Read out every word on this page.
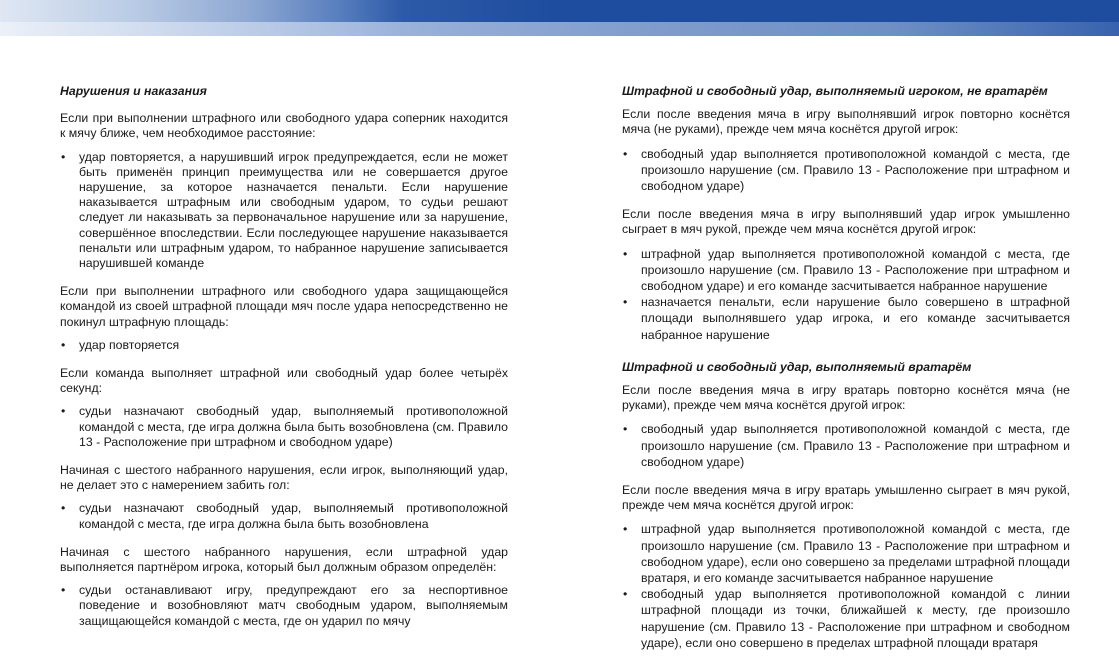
Нарушения и наказания
Если при выполнении штрафного или свободного удара соперник находится к мячу ближе, чем необходимое расстояние:
• удар повторяется, а нарушивший игрок предупреждается, если не может быть применён принцип преимущества или не совершается другое нарушение, за которое назначается пенальти. Если нарушение наказывается штрафным или свободным ударом, то судьи решают следует ли наказывать за первоначальное нарушение или за нарушение, совершённое впоследствии. Если последующее нарушение наказывается пенальти или штрафным ударом, то набранное нарушение записывается нарушившей команде
Если при выполнении штрафного или свободного удара защищающейся командой из своей штрафной площади мяч после удара непосредственно не покинул штрафную площадь:
• удар повторяется
Если команда выполняет штрафной или свободный удар более четырёх секунд:
• судьи назначают свободный удар, выполняемый противоположной командой с места, где игра должна была быть возобновлена (см. Правило 13 - Расположение при штрафном и свободном ударе)
Начиная с шестого набранного нарушения, если игрок, выполняющий удар, не делает это с намерением забить гол:
• судьи назначают свободный удар, выполняемый противоположной командой с места, где игра должна была быть возобновлена
Начиная с шестого набранного нарушения, если штрафной удар выполняется партнёром игрока, который был должным образом определён:
• судьи останавливают игру, предупреждают его за неспортивное поведение и возобновляют матч свободным ударом, выполняемым защищающейся командой с места, где он ударил по мячу
Штрафной и свободный удар, выполняемый игроком, не вратарём
Если после введения мяча в игру выполнявший игрок повторно коснётся мяча (не руками), прежде чем мяча коснётся другой игрок:
• свободный удар выполняется противоположной командой с места, где произошло нарушение (см. Правило 13 - Расположение при штрафном и свободном ударе)
Если после введения мяча в игру выполнявший удар игрок умышленно сыграет в мяч рукой, прежде чем мяча коснётся другой игрок:
• штрафной удар выполняется противоположной командой с места, где произошло нарушение (см. Правило 13 - Расположение при штрафном и свободном ударе) и его команде засчитывается набранное нарушение
• назначается пенальти, если нарушение было совершено в штрафной площади выполнявшего удар игрока, и его команде засчитывается набранное нарушение
Штрафной и свободный удар, выполняемый вратарём
Если после введения мяча в игру вратарь повторно коснётся мяча (не руками), прежде чем мяча коснётся другой игрок:
• свободный удар выполняется противоположной командой с места, где произошло нарушение (см. Правило 13 - Расположение при штрафном и свободном ударе)
Если после введения мяча в игру вратарь умышленно сыграет в мяч рукой, прежде чем мяча коснётся другой игрок:
• штрафной удар выполняется противоположной командой с места, где произошло нарушение (см. Правило 13 - Расположение при штрафном и свободном ударе), если оно совершено за пределами штрафной площади вратаря, и его команде засчитывается набранное нарушение
• свободный удар выполняется противоположной командой с линии штрафной площади из точки, ближайшей к месту, где произошло нарушение (см. Правило 13 - Расположение при штрафном и свободном ударе), если оно совершено в пределах штрафной площади вратаря
